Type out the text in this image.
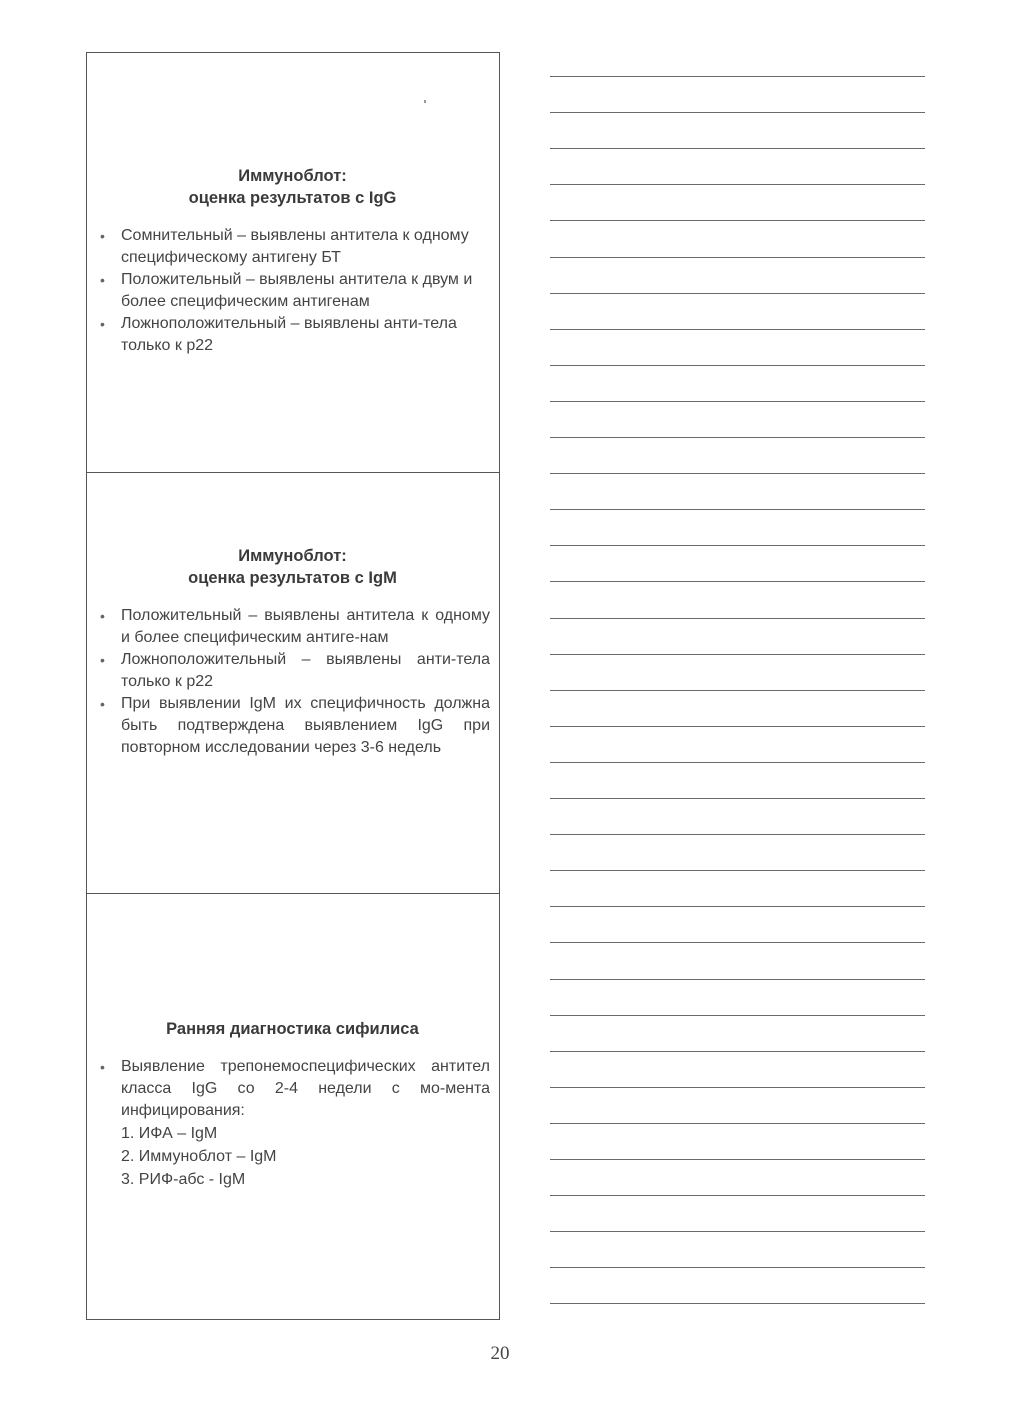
Иммуноблот:
оценка результатов с IgG
• Сомнительный – выявлены антитела к одному специфическому антигену БТ
• Положительный – выявлены антитела к двум и более специфическим антигенам
• Ложноположительный – выявлены анти-тела только к p22
Иммуноблот:
оценка результатов с IgM
• Положительный – выявлены антитела к одному и более специфическим антиге-нам
• Ложноположительный – выявлены анти-тела только к p22
• При выявлении IgM их специфичность должна быть подтверждена выявлением IgG при повторном исследовании через 3-6 недель
Ранняя диагностика сифилиса
• Выявление трепонемоспецифических антител класса IgG со 2-4 недели с мо-мента инфицирования:
1. ИФА – IgM
2. Иммуноблот – IgM
3. РИФ-абс - IgM
20
